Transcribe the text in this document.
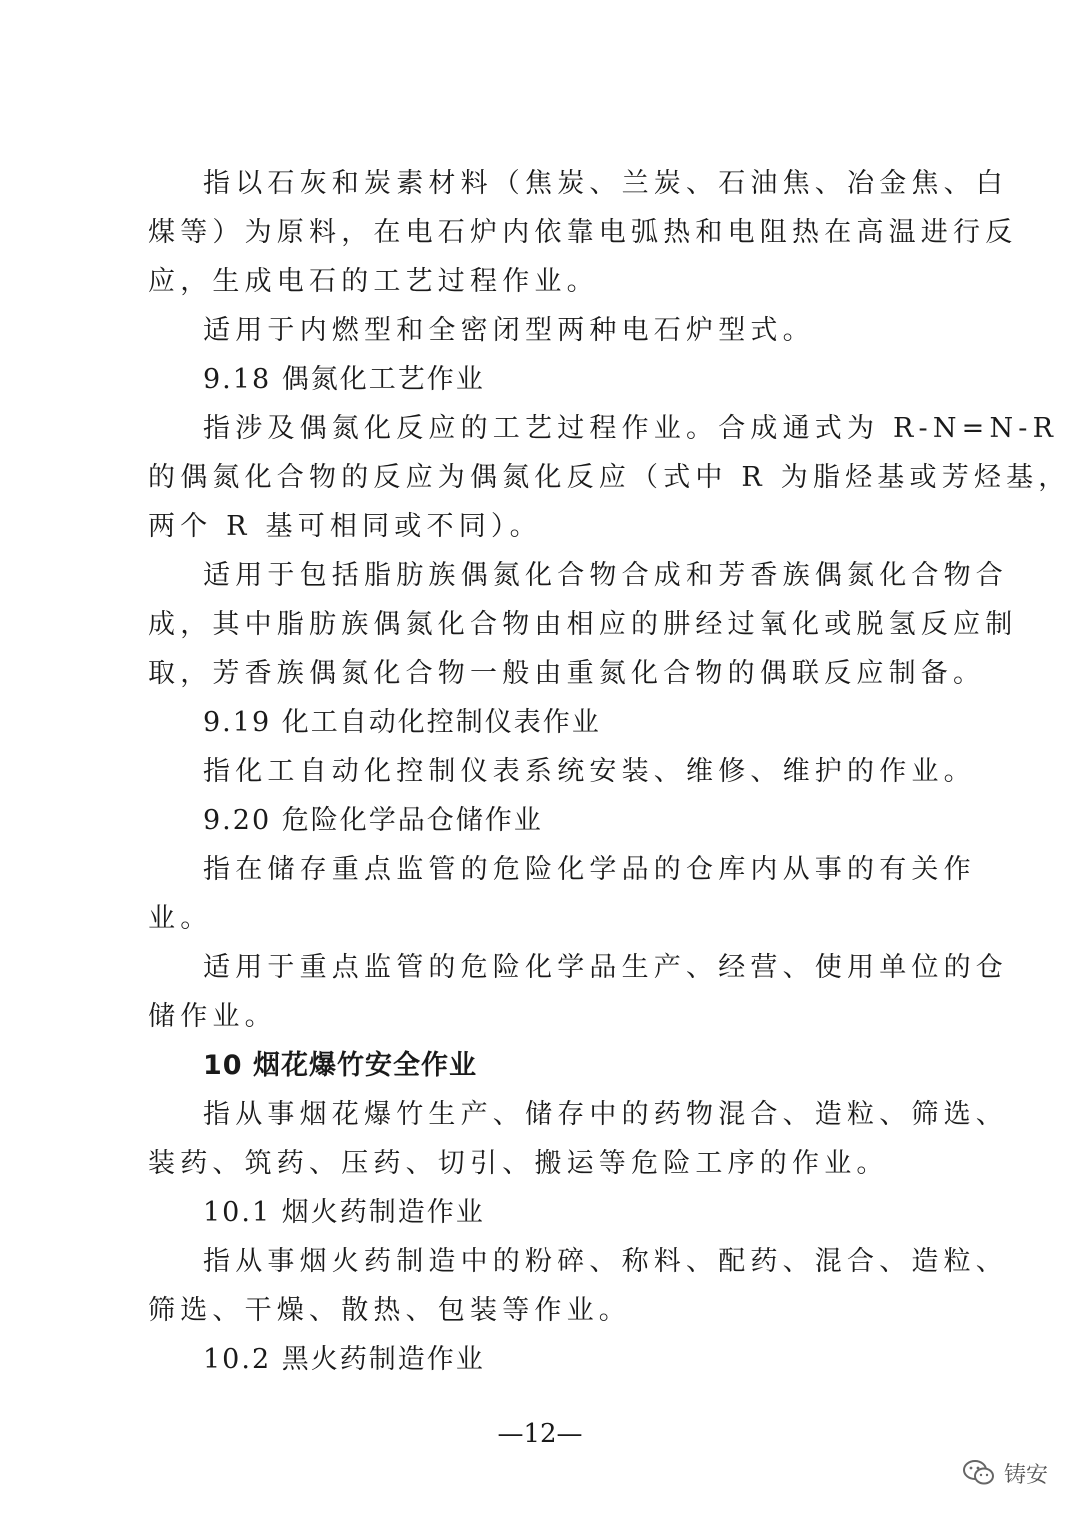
—12—
铸安
指以石灰和炭素材料（焦炭、兰炭、石油焦、冶金焦、白
煤等）为原料，在电石炉内依靠电弧热和电阻热在高温进行反
应，生成电石的工艺过程作业。
适用于内燃型和全密闭型两种电石炉型式。
9.18 偶氮化工艺作业
指涉及偶氮化反应的工艺过程作业。合成通式为 R-N=N-R
的偶氮化合物的反应为偶氮化反应（式中 R 为脂烃基或芳烃基，
两个 R 基可相同或不同）。
适用于包括脂肪族偶氮化合物合成和芳香族偶氮化合物合
成，其中脂肪族偶氮化合物由相应的肼经过氧化或脱氢反应制
取，芳香族偶氮化合物一般由重氮化合物的偶联反应制备。
9.19 化工自动化控制仪表作业
指化工自动化控制仪表系统安装、维修、维护的作业。
9.20 危险化学品仓储作业
指在储存重点监管的危险化学品的仓库内从事的有关作
业。
适用于重点监管的危险化学品生产、经营、使用单位的仓
储作业。
10 烟花爆竹安全作业
指从事烟花爆竹生产、储存中的药物混合、造粒、筛选、
装药、筑药、压药、切引、搬运等危险工序的作业。
10.1 烟火药制造作业
指从事烟火药制造中的粉碎、称料、配药、混合、造粒、
筛选、干燥、散热、包装等作业。
10.2 黑火药制造作业
